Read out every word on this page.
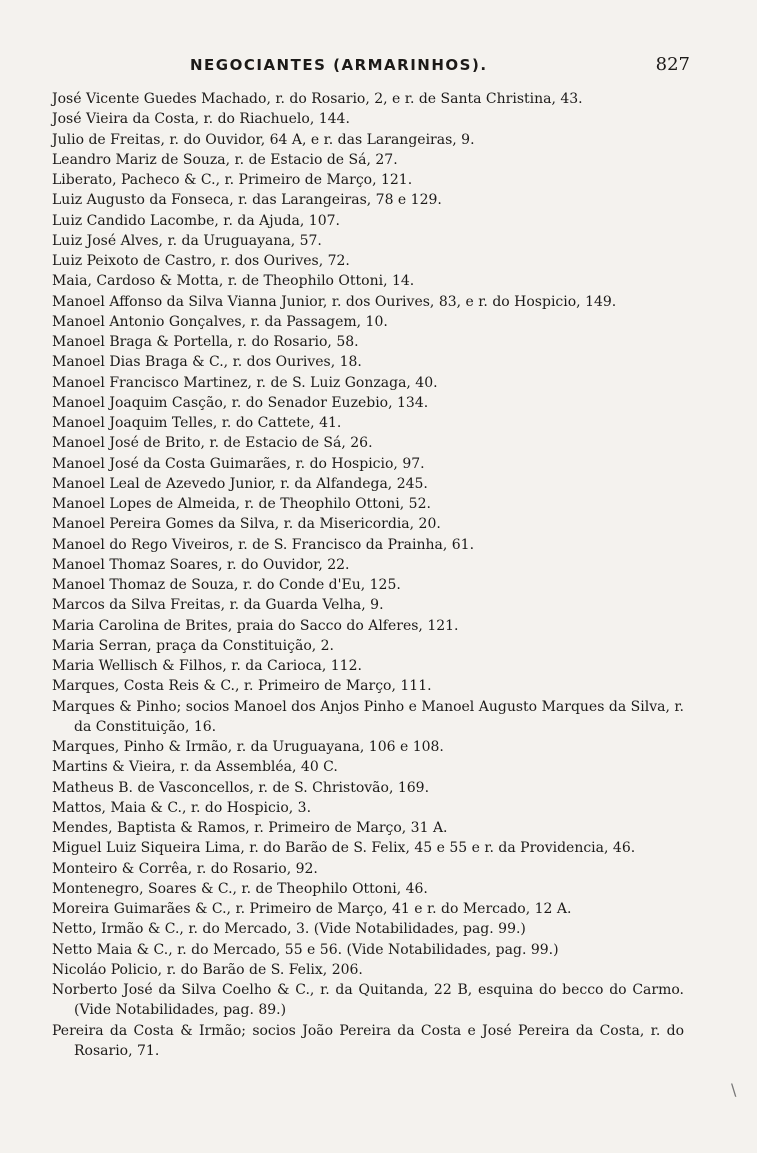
NEGOCIANTES (ARMARINHOS).	827
José Vicente Guedes Machado, r. do Rosario, 2, e r. de Santa Christina, 43.
José Vieira da Costa, r. do Riachuelo, 144.
Julio de Freitas, r. do Ouvidor, 64 A, e r. das Larangeiras, 9.
Leandro Mariz de Souza, r. de Estacio de Sá, 27.
Liberato, Pacheco & C., r. Primeiro de Março, 121.
Luiz Augusto da Fonseca, r. das Larangeiras, 78 e 129.
Luiz Candido Lacombe, r. da Ajuda, 107.
Luiz José Alves, r. da Uruguayana, 57.
Luiz Peixoto de Castro, r. dos Ourives, 72.
Maia, Cardoso & Motta, r. de Theophilo Ottoni, 14.
Manoel Affonso da Silva Vianna Junior, r. dos Ourives, 83, e r. do Hospicio, 149.
Manoel Antonio Gonçalves, r. da Passagem, 10.
Manoel Braga & Portella, r. do Rosario, 58.
Manoel Dias Braga & C., r. dos Ourives, 18.
Manoel Francisco Martinez, r. de S. Luiz Gonzaga, 40.
Manoel Joaquim Casção, r. do Senador Euzebio, 134.
Manoel Joaquim Telles, r. do Cattete, 41.
Manoel José de Brito, r. de Estacio de Sá, 26.
Manoel José da Costa Guimarães, r. do Hospicio, 97.
Manoel Leal de Azevedo Junior, r. da Alfandega, 245.
Manoel Lopes de Almeida, r. de Theophilo Ottoni, 52.
Manoel Pereira Gomes da Silva, r. da Misericordia, 20.
Manoel do Rego Viveiros, r. de S. Francisco da Prainha, 61.
Manoel Thomaz Soares, r. do Ouvidor, 22.
Manoel Thomaz de Souza, r. do Conde d'Eu, 125.
Marcos da Silva Freitas, r. da Guarda Velha, 9.
Maria Carolina de Brites, praia do Sacco do Alferes, 121.
Maria Serran, praça da Constituição, 2.
Maria Wellisch & Filhos, r. da Carioca, 112.
Marques, Costa Reis & C., r. Primeiro de Março, 111.
Marques & Pinho; socios Manoel dos Anjos Pinho e Manoel Augusto Marques da Silva, r. da Constituição, 16.
Marques, Pinho & Irmão, r. da Uruguayana, 106 e 108.
Martins & Vieira, r. da Assembléa, 40 C.
Matheus B. de Vasconcellos, r. de S. Christovão, 169.
Mattos, Maia & C., r. do Hospicio, 3.
Mendes, Baptista & Ramos, r. Primeiro de Março, 31 A.
Miguel Luiz Siqueira Lima, r. do Barão de S. Felix, 45 e 55 e r. da Providencia, 46.
Monteiro & Corrêa, r. do Rosario, 92.
Montenegro, Soares & C., r. de Theophilo Ottoni, 46.
Moreira Guimarães & C., r. Primeiro de Março, 41 e r. do Mercado, 12 A.
Netto, Irmão & C., r. do Mercado, 3. (Vide Notabilidades, pag. 99.)
Netto Maia & C., r. do Mercado, 55 e 56. (Vide Notabilidades, pag. 99.)
Nicoláo Policio, r. do Barão de S. Felix, 206.
Norberto José da Silva Coelho & C., r. da Quitanda, 22 B, esquina do becco do Carmo. (Vide Notabilidades, pag. 89.)
Pereira da Costa & Irmão; socios João Pereira da Costa e José Pereira da Costa, r. do Rosario, 71.
\
